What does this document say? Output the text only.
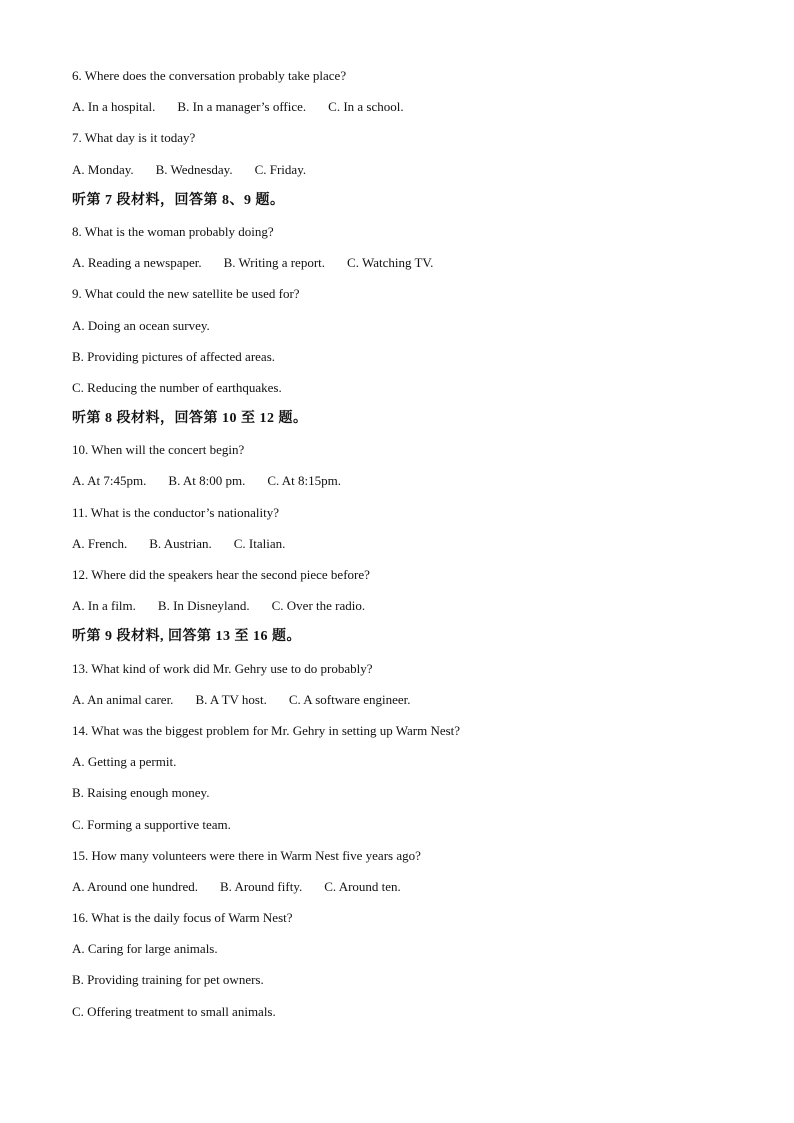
6. Where does the conversation probably take place?
A. In a hospital. B. In a manager’s office. C. In a school.
7. What day is it today?
A. Monday. B. Wednesday. C. Friday.
听第 7 段材料，回答第 8、9 题。
8. What is the woman probably doing?
A. Reading a newspaper. B. Writing a report. C. Watching TV.
9. What could the new satellite be used for?
A. Doing an ocean survey.
B. Providing pictures of affected areas.
C. Reducing the number of earthquakes.
听第 8 段材料，回答第 10 至 12 题。
10. When will the concert begin?
A. At 7:45pm. B. At 8:00 pm. C. At 8:15pm.
11. What is the conductor’s nationality?
A. French. B. Austrian. C. Italian.
12. Where did the speakers hear the second piece before?
A. In a film. B. In Disneyland. C. Over the radio.
听第 9 段材料, 回答第 13 至 16 题。
13. What kind of work did Mr. Gehry use to do probably?
A. An animal carer. B. A TV host. C. A software engineer.
14. What was the biggest problem for Mr. Gehry in setting up Warm Nest?
A. Getting a permit.
B. Raising enough money.
C. Forming a supportive team.
15. How many volunteers were there in Warm Nest five years ago?
A. Around one hundred. B. Around fifty. C. Around ten.
16. What is the daily focus of Warm Nest?
A. Caring for large animals.
B. Providing training for pet owners.
C. Offering treatment to small animals.
